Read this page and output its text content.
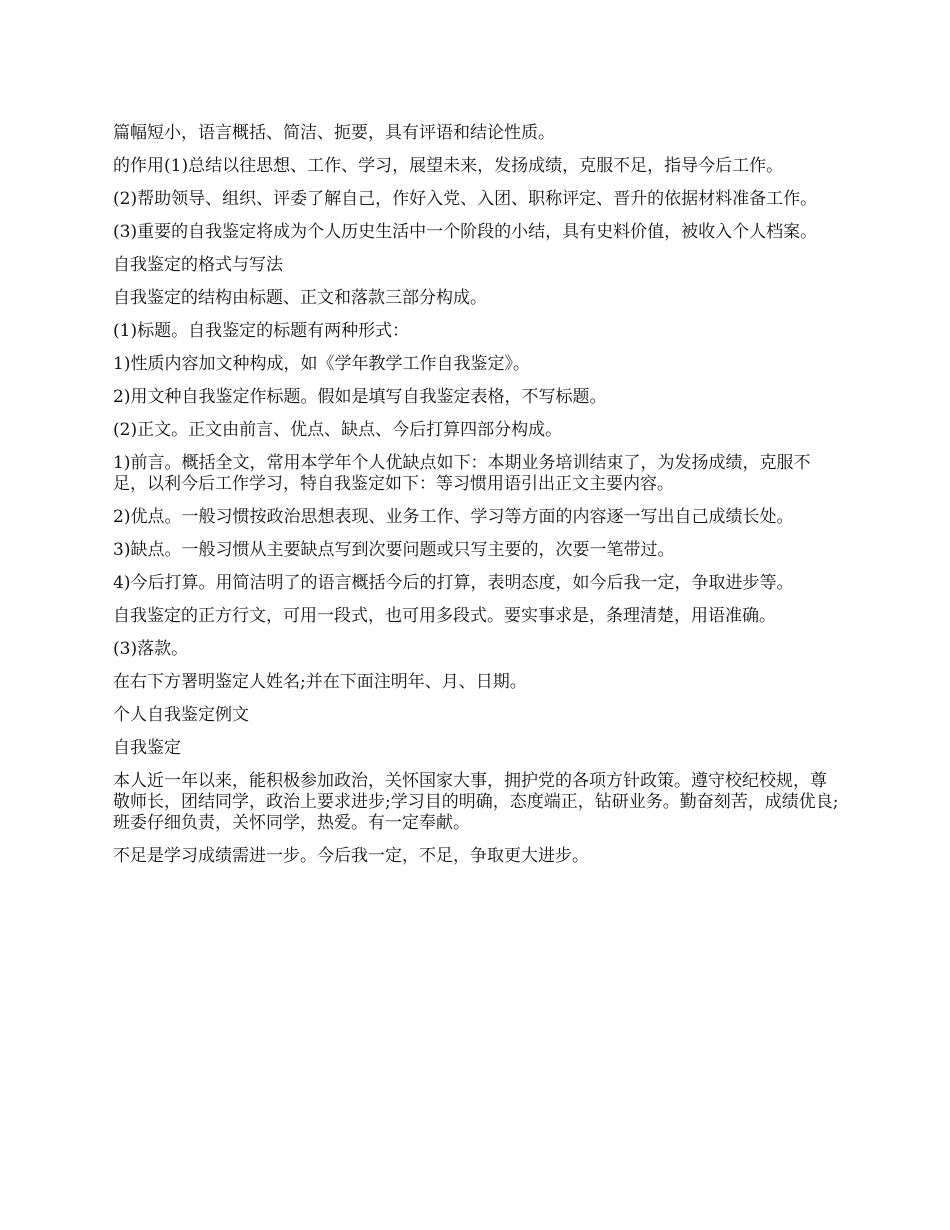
篇幅短小，语言概括、简洁、扼要，具有评语和结论性质。

的作用(1)总结以往思想、工作、学习，展望未来，发扬成绩，克服不足，指导今后工作。

(2)帮助领导、组织、评委了解自己，作好入党、入团、职称评定、晋升的依据材料准备工作。

(3)重要的自我鉴定将成为个人历史生活中一个阶段的小结，具有史料价值，被收入个人档案。

自我鉴定的格式与写法

自我鉴定的结构由标题、正文和落款三部分构成。

(1)标题。自我鉴定的标题有两种形式：

1)性质内容加文种构成，如《学年教学工作自我鉴定》。

2)用文种自我鉴定作标题。假如是填写自我鉴定表格，不写标题。

(2)正文。正文由前言、优点、缺点、今后打算四部分构成。

1)前言。概括全文，常用本学年个人优缺点如下：本期业务培训结束了，为发扬成绩，克服不足，以利今后工作学习，特自我鉴定如下：等习惯用语引出正文主要内容。

2)优点。一般习惯按政治思想表现、业务工作、学习等方面的内容逐一写出自己成绩长处。

3)缺点。一般习惯从主要缺点写到次要问题或只写主要的，次要一笔带过。

4)今后打算。用简洁明了的语言概括今后的打算，表明态度，如今后我一定，争取进步等。

自我鉴定的正方行文，可用一段式，也可用多段式。要实事求是，条理清楚，用语准确。

(3)落款。

在右下方署明鉴定人姓名;并在下面注明年、月、日期。

个人自我鉴定例文

自我鉴定

本人近一年以来，能积极参加政治，关怀国家大事，拥护党的各项方针政策。遵守校纪校规，尊敬师长，团结同学，政治上要求进步;学习目的明确，态度端正，钻研业务。勤奋刻苦，成绩优良;班委仔细负责，关怀同学，热爱。有一定奉献。

不足是学习成绩需进一步。今后我一定，不足，争取更大进步。
